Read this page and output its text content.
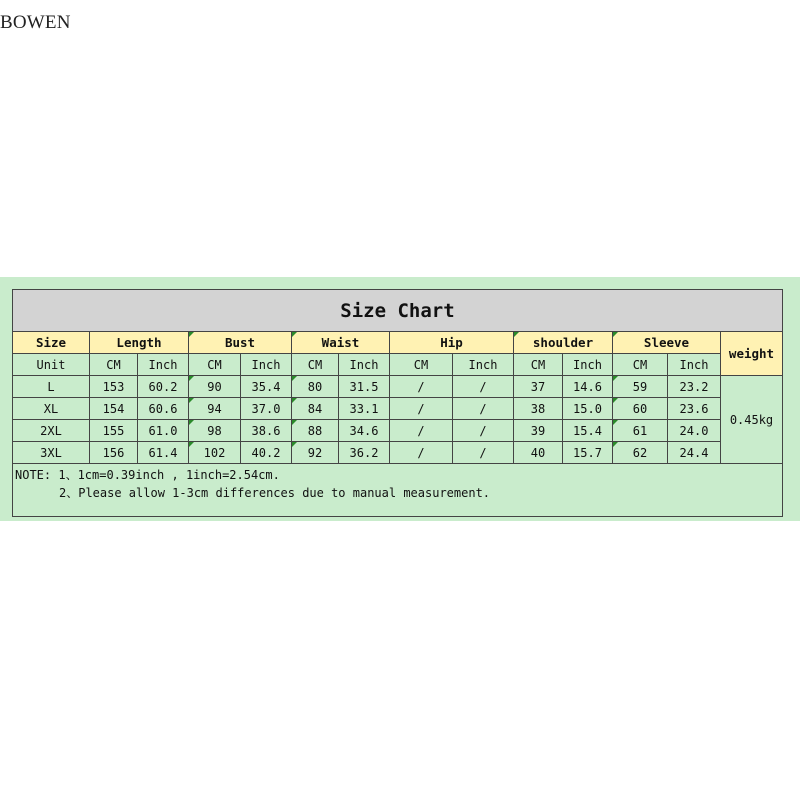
BOWEN
Size Chart													
Size	Length		Bust		Waist		Hip		shoulder		Sleeve		weight
Unit	CM	Inch	CM	Inch	CM	Inch	CM	Inch	CM	Inch	CM	Inch	
L	153	60.2	90	35.4	80	31.5	/	/	37	14.6	59	23.2	0.45kg
XL	154	60.6	94	37.0	84	33.1	/	/	38	15.0	60	23.6	
2XL	155	61.0	98	38.6	88	34.6	/	/	39	15.4	61	24.0	
3XL	156	61.4	102	40.2	92	36.2	/	/	40	15.7	62	24.4	

NOTE: 1、1cm=0.39inch , 1inch=2.54cm.
2、Please allow 1-3cm differences due to manual measurement.													
